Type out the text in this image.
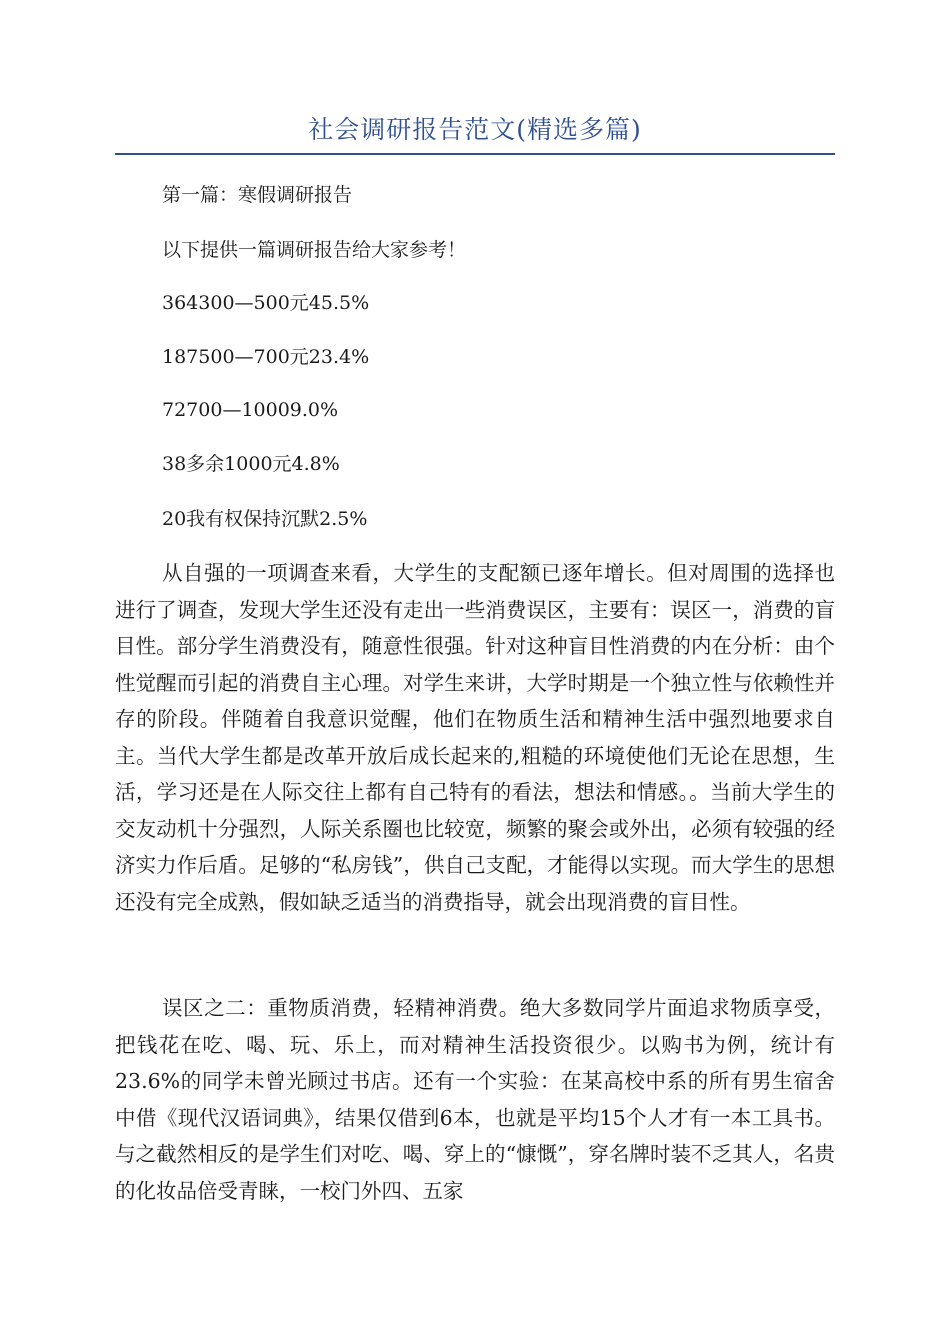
社会调研报告范文(精选多篇)
第一篇：寒假调研报告
以下提供一篇调研报告给大家参考！
364300—500元45.5%
187500—700元23.4%
72700—10009.0%
38多余1000元4.8%
20我有权保持沉默2.5%

从自强的一项调查来看，大学生的支配额已逐年增长。但对周围的选择也进行了调查，发现大学生还没有走出一些消费误区，主要有：误区一，消费的盲目性。部分学生消费没有，随意性很强。针对这种盲目性消费的内在分析：由个性觉醒而引起的消费自主心理。对学生来讲，大学时期是一个独立性与依赖性并存的阶段。伴随着自我意识觉醒，他们在物质生活和精神生活中强烈地要求自主。当代大学生都是改革开放后成长起来的,粗糙的环境使他们无论在思想，生活，学习还是在人际交往上都有自己特有的看法，想法和情感。。当前大学生的交友动机十分强烈，人际关系圈也比较宽，频繁的聚会或外出，必须有较强的经济实力作后盾。足够的“私房钱”，供自己支配，才能得以实现。而大学生的思想还没有完全成熟，假如缺乏适当的消费指导，就会出现消费的盲目性。

误区之二：重物质消费，轻精神消费。绝大多数同学片面追求物质享受，把钱花在吃、喝、玩、乐上，而对精神生活投资很少。以购书为例，统计有23.6%的同学未曾光顾过书店。还有一个实验：在某高校中系的所有男生宿舍中借《现代汉语词典》，结果仅借到6本，也就是平均15个人才有一本工具书。与之截然相反的是学生们对吃、喝、穿上的“慷慨”，穿名牌时装不乏其人，名贵的化妆品倍受青睐，一校门外四、五家
